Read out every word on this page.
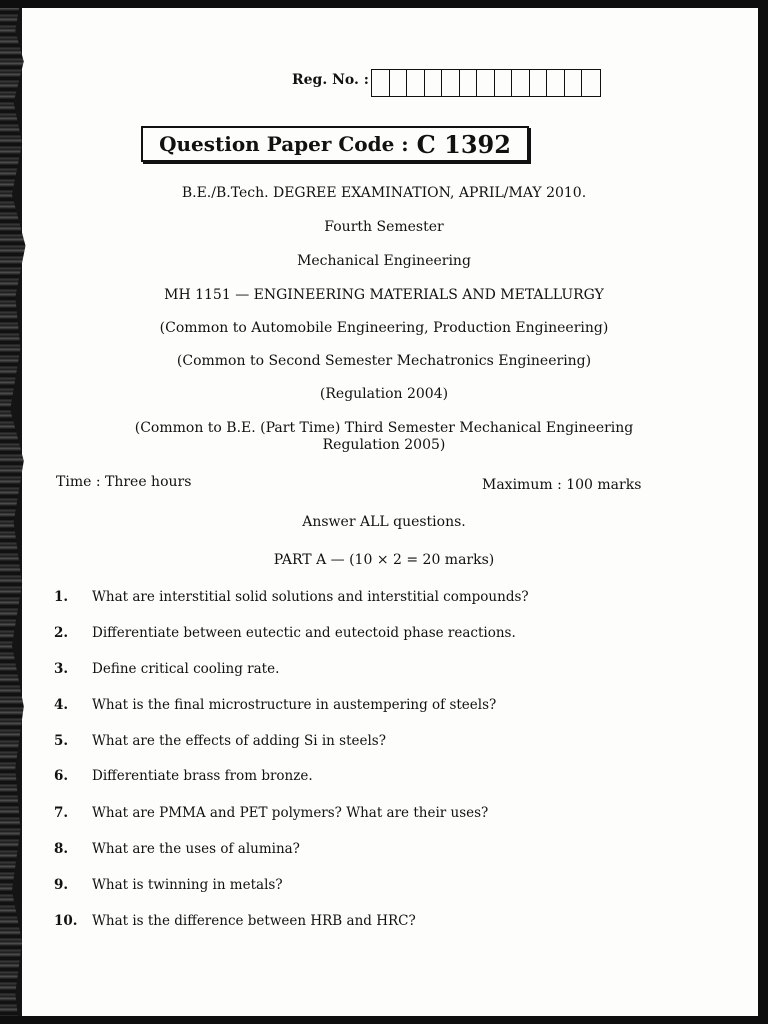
Reg. No. :
Question Paper Code : C 1392
B.E./B.Tech. DEGREE EXAMINATION, APRIL/MAY 2010.
Fourth Semester
Mechanical Engineering
MH 1151 — ENGINEERING MATERIALS AND METALLURGY
(Common to Automobile Engineering, Production Engineering)
(Common to Second Semester Mechatronics Engineering)
(Regulation 2004)
(Common to B.E. (Part Time) Third Semester Mechanical Engineering
Regulation 2005)
Time : Three hours	Maximum : 100 marks
Answer ALL questions.
PART A — (10 × 2 = 20 marks)
1.	What are interstitial solid solutions and interstitial compounds?
2.	Differentiate between eutectic and eutectoid phase reactions.
3.	Define critical cooling rate.
4.	What is the final microstructure in austempering of steels?
5.	What are the effects of adding Si in steels?
6.	Differentiate brass from bronze.
7.	What are PMMA and PET polymers? What are their uses?
8.	What are the uses of alumina?
9.	What is twinning in metals?
10.	What is the difference between HRB and HRC?
